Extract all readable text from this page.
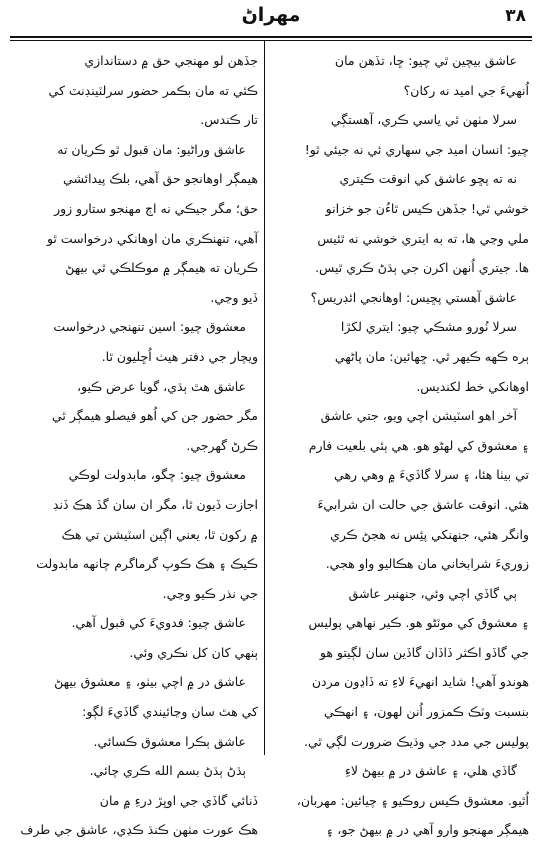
٣٨
مهراڻ
عاشق بيچين ٿي چيو: ڇا، تڏهن مان
اُنهيءَ جي اميد نه رکان؟
سرلا مٺهن ٿي ياسي ڪري، آهستڳي
چيو: انسان اميد جي سهاري ئي نه جيئي ٿو!
نه ته پڇو عاشق کي انوقت ڪيتري
خوشي ٿي! جڏهن ڪيس ٿاءُن جو خزانو
ملي وڃي ها، ته به ايتري خوشي نه ٿئيس
ها. جيتري اُنهن اکرن جي ٻڌڻ ڪري ٿيس.
عاشق آهستي پڇيس: اوهانجي ائڊريس؟
سرلا نُورو مشڪي چيو: ايتري لکڙا
ٻره ڪهه ڪيهر ٿي. ڇهائين: مان پاڻهي
اوهانکي خط لکنديس.
آخر اهو اسٽيشن اچي ويو، جتي عاشق
۽ معشوق کي لهڻو هو. هي ٻئي بلعيت فارم
تي بيٺا هئا، ۽ سرلا گاڏيءَ ۾ وهي رهي
هئي. انوقت عاشق جي حالت ان شرابيءَ
وانگر هئي، جنهنکي پئِس نه هجڻ ڪري
زوريءَ شرابخاني مان هڪاليو واو هجي.
ٻي گاڏي اچي وئي، جنهنبر عاشق
۽ معشوق کي موٽڻو هو. ڪير نهاهي پوليس
جي گاڏو اڪثر ڏاڏان گاڏين سان لڳيتو هو
هوندو آهي! شايد انهيءَ لاءِ ته ڏاڍون مردن
بنسبت وٽڪ ڪمزور اُنن لهون، ۽ انهڪي
پوليس جي مدد جي وڌيڪ ضرورت لڳي ٿي.
گاڏي هلي، ۽ عاشق در ۾ بيهڻ لاءِ
اُٿيو. معشوق ڪيس روڪيو ۽ چيائين: مهربان،
هيمڳر مهنجو وارو آهي در ۾ بيهڻ جو، ۽
جڏهن لو مهنجي حق ۾ دستاندازي
ڪئي ته مان بڪمر حضور سرلٽينڊنٽ کي
تار ڪندس.
عاشق وراڻيو: مان قبول ٿو ڪريان ته
هيمڳر اوهانجو حق آهي، بلڪ پيدائشي
حق؛ مگر جيڪي نه اڄ مهنجو ستارو زور
آهي، تنهنڪري مان اوهانکي درخواست ٿو
ڪريان ته هيمڳر ۾ موڪلڪي ٿي بيهڻ
ڏيو وڃي.
معشوق چيو: اسين تنهنجي درخواست
ويچار جي دفتر هيٺ اُڇليون ٿا.
عاشق هٿ ٻڌي، گويا عرض ڪيو،
مگر حضور جن کي اُهو فيصلو هيمڳر ٿي
ڪرڻ گهرجي.
معشوق چيو: چگو، مابدولت لوڪي
اجازت ڏيون ٿا، مگر ان سان گڏ هڪ ڏنڊ
۾ رکون ٿا، يعني اڳين اسٽيشن تي هڪ
ڪيڪ ۽ هڪ ڪوپ گرماگرم چانهه مابدولت
جي نذر ڪيو وڃي.
عاشق چيو: فدويءَ کي قبول آهي.
ٻنهي کان کل نڪري وئي.
عاشق در ۾ اچي بيٺو، ۽ معشوق بيهڻ
کي هٿ سان وڃائيندي گاڏيءَ لڳو:
عاشق ٻڪرا معشوق ڪسائي.
ٻڌڻ ٻڌڻ بسم الله ڪري چائي.
ڏنائي گاڏي جي اوڀڙ درءِ ۾ مان
هڪ عورت مٺهن ڪنڌ ڪڍي، عاشق جي طرف
